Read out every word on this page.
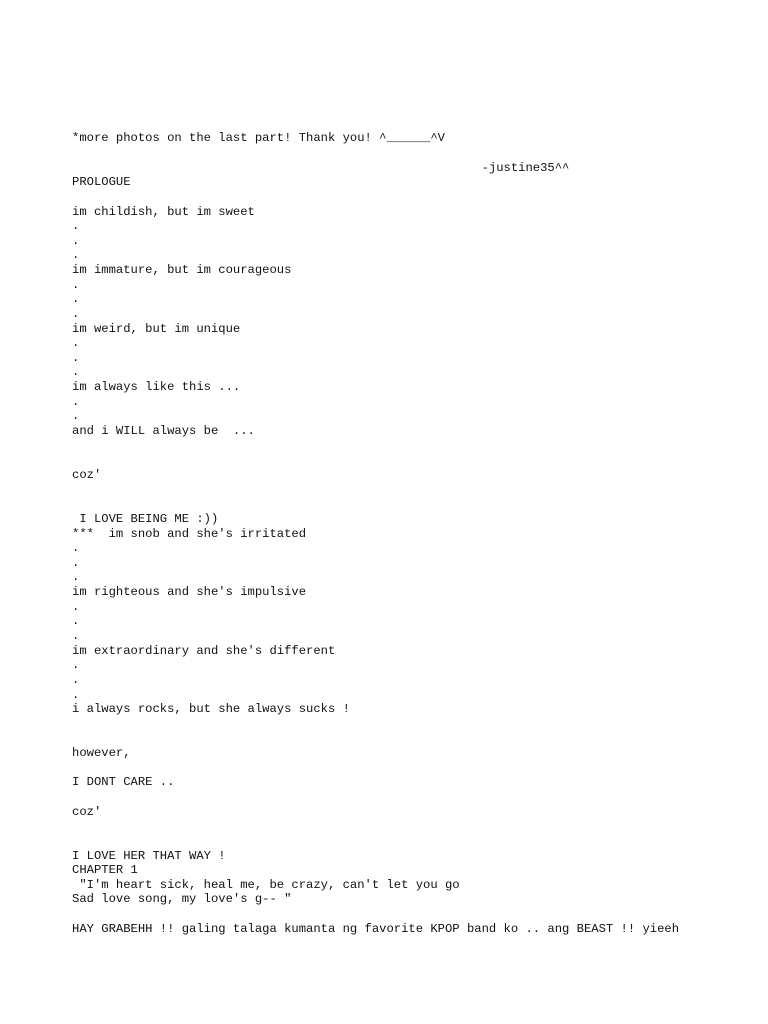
*more photos on the last part! Thank you! ^______^V
-justine35^^
PROLOGUE
im childish, but im sweet
.
.
.
im immature, but im courageous
.
.
.
im weird, but im unique
.
.
.
im always like this ...
.
.
and i WILL always be  ...
coz'
I LOVE BEING ME :))
***  im snob and she's irritated
.
.
.
im righteous and she's impulsive
.
.
.
im extraordinary and she's different
.
.
.
i always rocks, but she always sucks !
however,
I DONT CARE ..
coz'
I LOVE HER THAT WAY !
CHAPTER 1
"I'm heart sick, heal me, be crazy, can't let you go
Sad love song, my love's g-- "
HAY GRABEHH !! galing talaga kumanta ng favorite KPOP band ko .. ang BEAST !! yieeh
